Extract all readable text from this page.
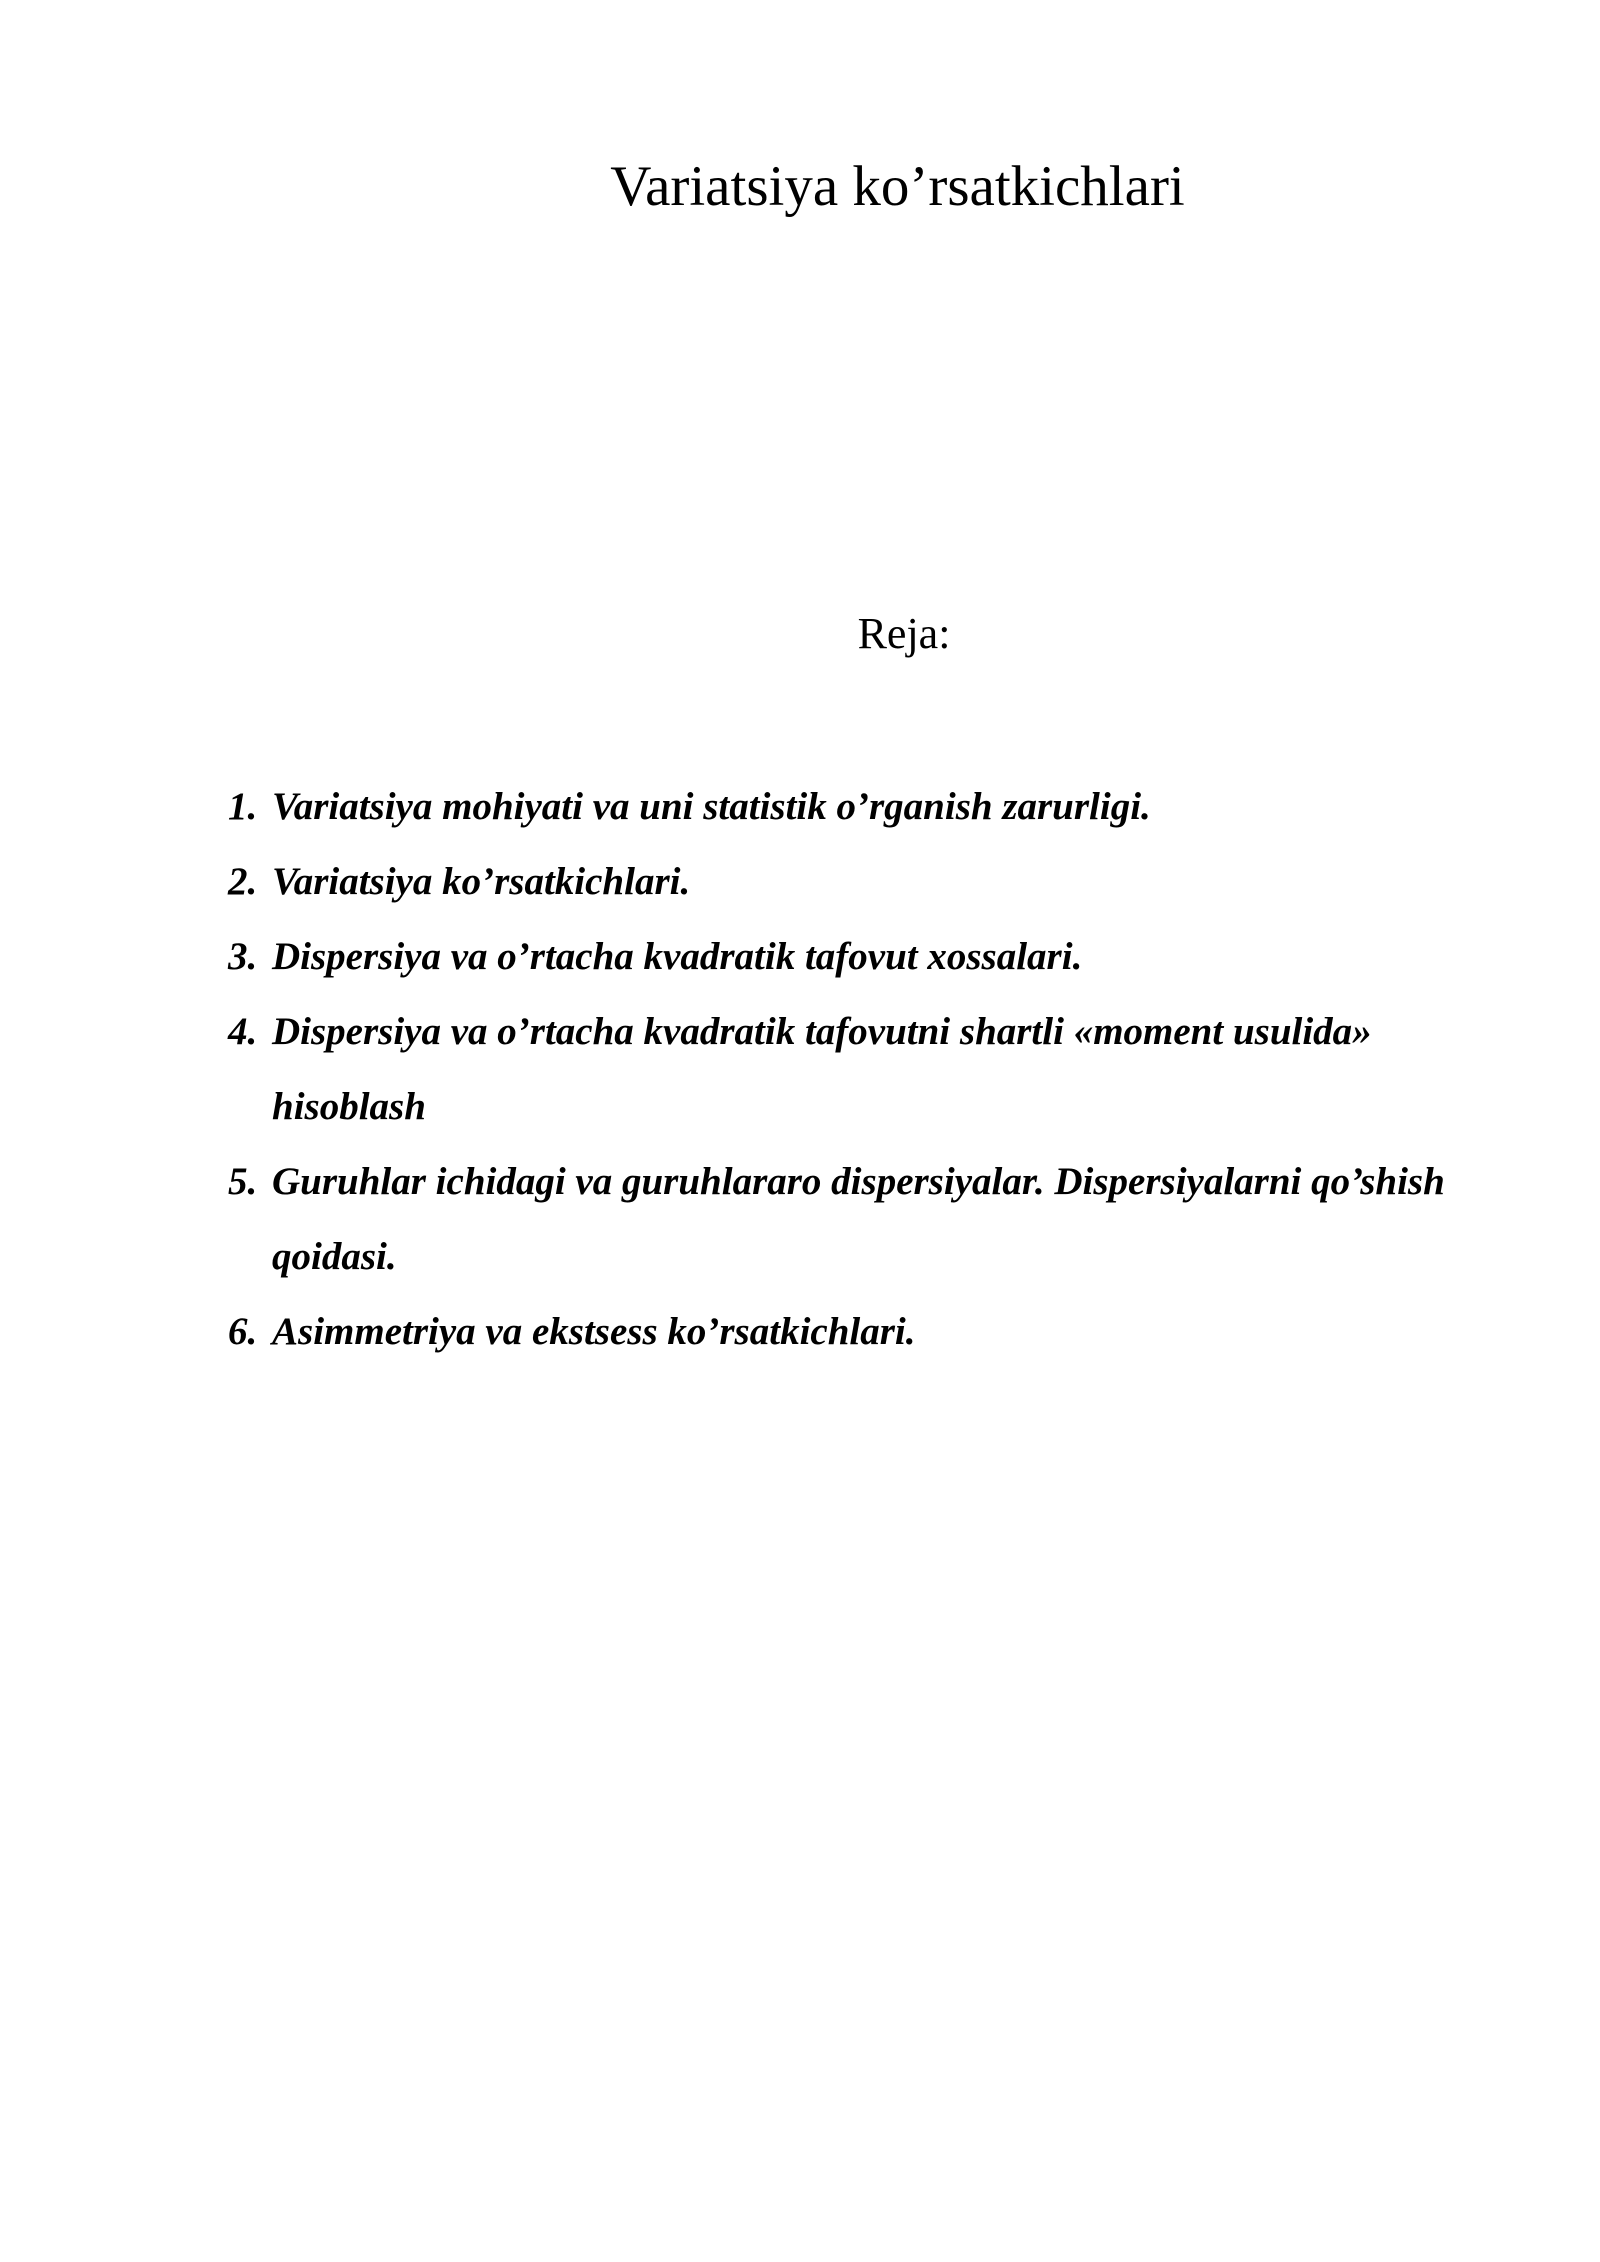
Variatsiya ko’rsatkichlari
Reja:
1. Variatsiya mohiyati va uni statistik o’rganish zarurligi.
2. Variatsiya ko’rsatkichlari.
3. Dispersiya va o’rtacha kvadratik tafovut xossalari.
4. Dispersiya va o’rtacha kvadratik tafovutni shartli «moment usulida» hisoblash
5. Guruhlar ichidagi va guruhlararo dispersiyalar. Dispersiyalarni qo’shish qoidasi.
6. Asimmetriya va ekstsess ko’rsatkichlari.
